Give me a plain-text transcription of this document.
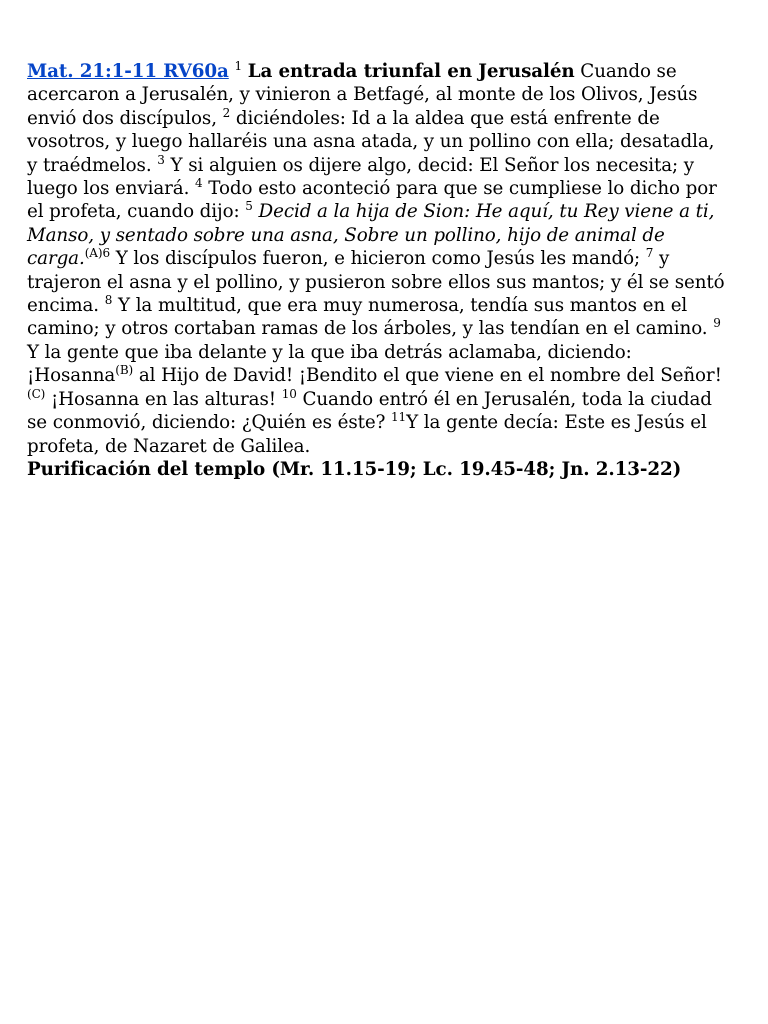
Mat. 21:1-11 RV60a $^1$ La entrada triunfal en Jerusalén Cuando se acercaron a Jerusalén, y vinieron a Betfagé, al monte de los Olivos, Jesús envió dos discípulos, $^2$ diciéndoles: Id a la aldea que está enfrente de vosotros, y luego hallaréis una asna atada, y un pollino con ella; desatadla, y traédmelos. $^3$ Y si alguien os dijere algo, decid: El Señor los necesita; y luego los enviará. $^4$ Todo esto aconteció para que se cumpliese lo dicho por el profeta, cuando dijo: $^5$ Decid a la hija de Sion: He aquí, tu Rey viene a ti, Manso, y sentado sobre una asna, Sobre un pollino, hijo de animal de carga.$^{(A)6}$ Y los discípulos fueron, e hicieron como Jesús les mandó; $^7$ y trajeron el asna y el pollino, y pusieron sobre ellos sus mantos; y él se sentó encima. $^8$ Y la multitud, que era muy numerosa, tendía sus mantos en el camino; y otros cortaban ramas de los árboles, y las tendían en el camino. $^9$ Y la gente que iba delante y la que iba detrás aclamaba, diciendo: ¡Hosanna$^{(B)}$ al Hijo de David! ¡Bendito el que viene en el nombre del Señor!$^{(C)}$ ¡Hosanna en las alturas! $^{10}$ Cuando entró él en Jerusalén, toda la ciudad se conmovió, diciendo: ¿Quién es éste? $^{11}$Y la gente decía: Este es Jesús el profeta, de Nazaret de Galilea.
Purificación del templo (Mr. 11.15-19; Lc. 19.45-48; Jn. 2.13-22)
